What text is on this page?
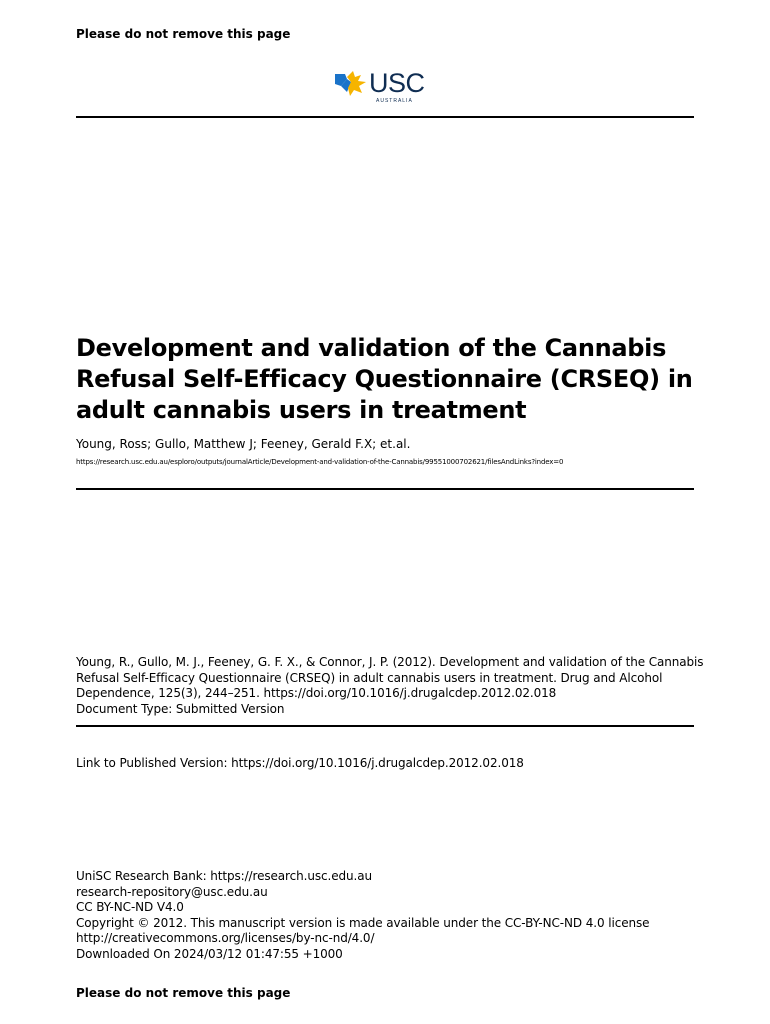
Please do not remove this page
USC
AUSTRALIA
Development and validation of the Cannabis Refusal Self-Efficacy Questionnaire (CRSEQ) in adult cannabis users in treatment
Young, Ross; Gullo, Matthew J; Feeney, Gerald F.X; et.al.
https://research.usc.edu.au/esploro/outputs/journalArticle/Development-and-validation-of-the-Cannabis/99551000702621/filesAndLinks?index=0
Young, R., Gullo, M. J., Feeney, G. F. X., & Connor, J. P. (2012). Development and validation of the Cannabis
Refusal Self-Efficacy Questionnaire (CRSEQ) in adult cannabis users in treatment. Drug and Alcohol
Dependence, 125(3), 244–251. https://doi.org/10.1016/j.drugalcdep.2012.02.018
Document Type: Submitted Version
Link to Published Version: https://doi.org/10.1016/j.drugalcdep.2012.02.018
UniSC Research Bank: https://research.usc.edu.au
research-repository@usc.edu.au
CC BY-NC-ND V4.0
Copyright © 2012. This manuscript version is made available under the CC-BY-NC-ND 4.0 license
http://creativecommons.org/licenses/by-nc-nd/4.0/
Downloaded On 2024/03/12 01:47:55 +1000
Please do not remove this page
